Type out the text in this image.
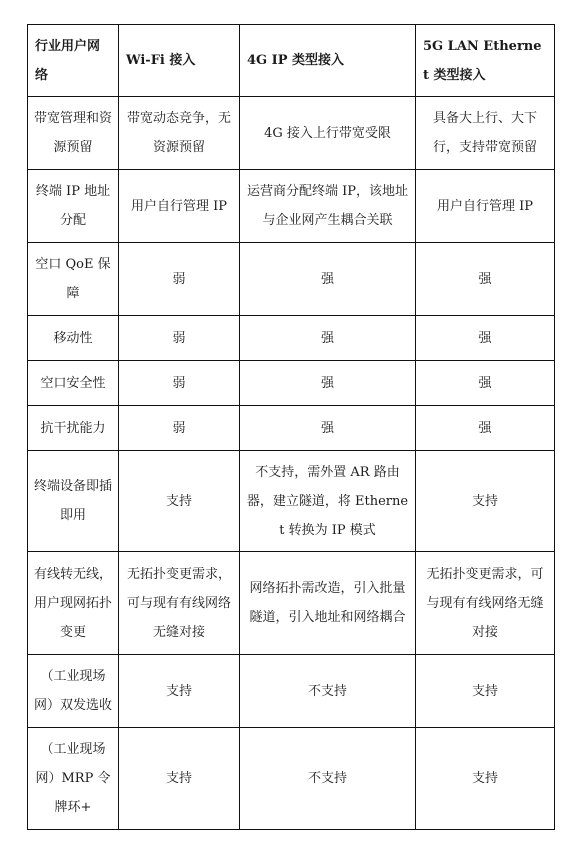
行业用户网络	Wi-Fi 接入	4G IP 类型接入	5G LAN Ethernet 类型接入
带宽管理和资源预留	带宽动态竞争，无资源预留	4G 接入上行带宽受限	具备大上行、大下行，支持带宽预留
终端 IP 地址分配	用户自行管理 IP	运营商分配终端 IP，该地址与企业网产生耦合关联	用户自行管理 IP
空口 QoE 保障	弱	强	强
移动性	弱	强	强
空口安全性	弱	强	强
抗干扰能力	弱	强	强
终端设备即插即用	支持	不支持，需外置 AR 路由器，建立隧道，将 Ethernet 转换为 IP 模式	支持
有线转无线，用户现网拓扑变更	无拓扑变更需求，可与现有有线网络无缝对接	网络拓扑需改造，引入批量隧道，引入地址和网络耦合	无拓扑变更需求，可与现有有线网络无缝对接
（工业现场网）双发选收	支持	不支持	支持
（工业现场网）MRP 令牌环+	支持	不支持	支持
